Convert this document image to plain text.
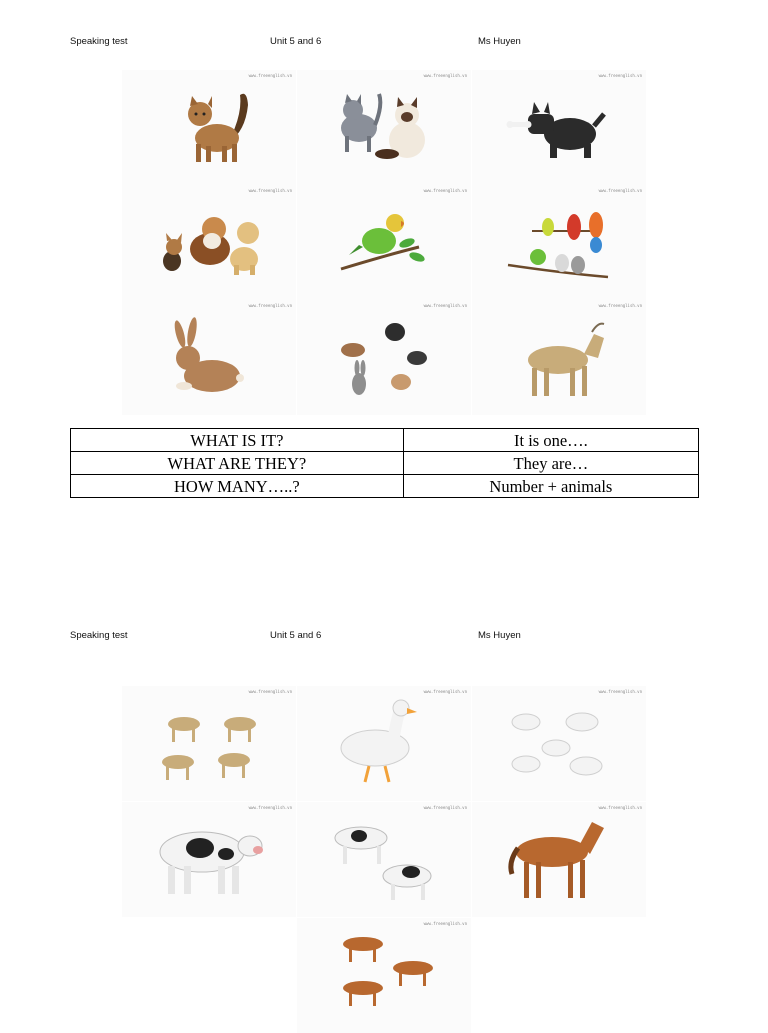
Speaking test	Unit 5 and 6	Ms Huyen
www.freeenglish.vn	www.freeenglish.vn	www.freeenglish.vn
www.freeenglish.vn	www.freeenglish.vn	www.freeenglish.vn
www.freeenglish.vn	www.freeenglish.vn	www.freeenglish.vn
WHAT IS IT?	It is one….
WHAT ARE THEY?	They are…
HOW MANY…..?	Number + animals
Speaking test	Unit 5 and 6	Ms Huyen
www.freeenglish.vn	www.freeenglish.vn	www.freeenglish.vn
www.freeenglish.vn	www.freeenglish.vn	www.freeenglish.vn
www.freeenglish.vn
